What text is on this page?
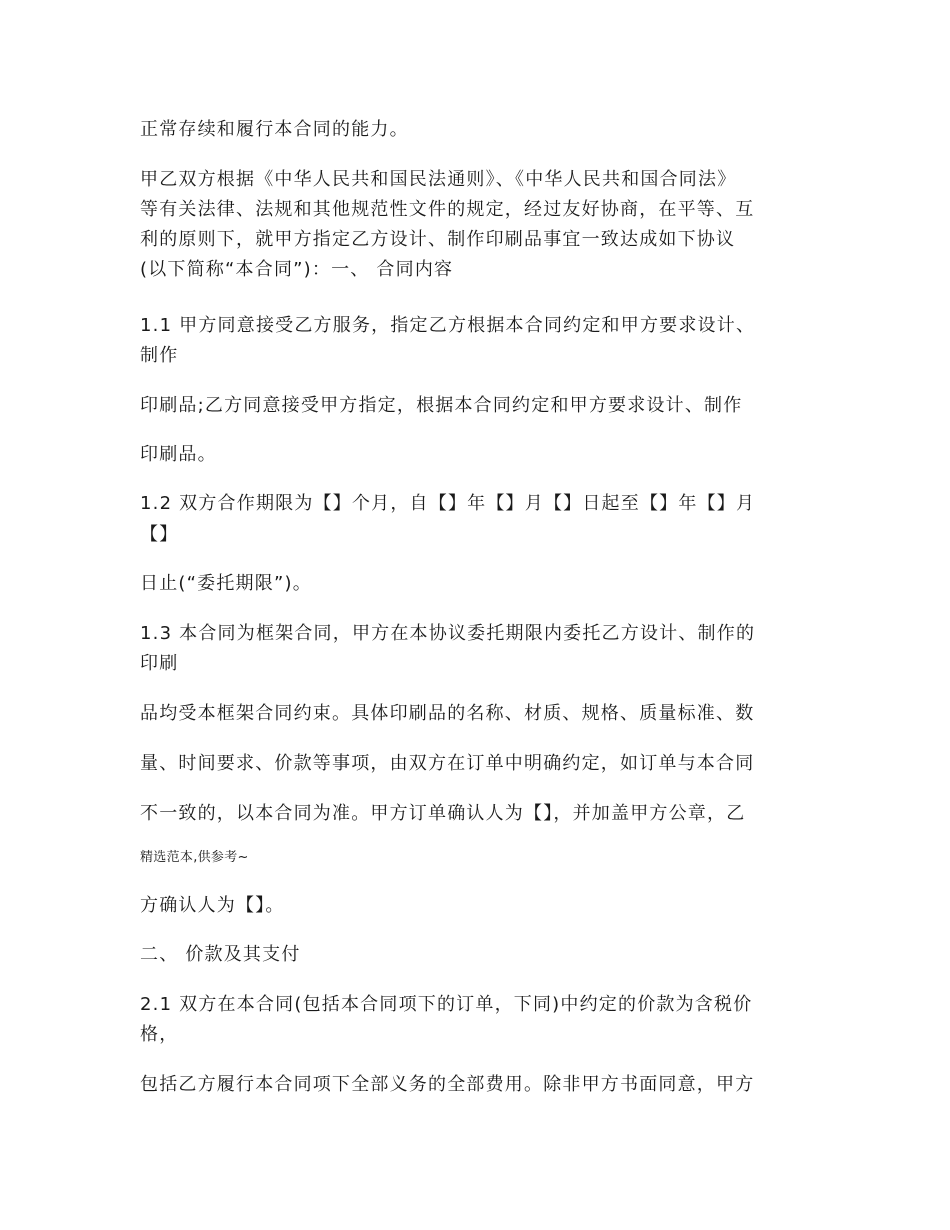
正常存续和履行本合同的能力。
甲乙双方根据《中华人民共和国民法通则》、《中华人民共和国合同法》
等有关法律、法规和其他规范性文件的规定，经过友好协商，在平等、互
利的原则下，就甲方指定乙方设计、制作印刷品事宜一致达成如下协议
(以下简称“本合同”)：一、 合同内容
1.1 甲方同意接受乙方服务，指定乙方根据本合同约定和甲方要求设计、
制作
印刷品;乙方同意接受甲方指定，根据本合同约定和甲方要求设计、制作
印刷品。
1.2 双方合作期限为【】个月，自【】年【】月【】日起至【】年【】月
【】
日止(“委托期限”)。
1.3 本合同为框架合同，甲方在本协议委托期限内委托乙方设计、制作的
印刷
品均受本框架合同约束。具体印刷品的名称、材质、规格、质量标准、数
量、时间要求、价款等事项，由双方在订单中明确约定，如订单与本合同
不一致的，以本合同为准。甲方订单确认人为【】，并加盖甲方公章，乙
精选范本,供参考~
方确认人为【】。
二、 价款及其支付
2.1 双方在本合同(包括本合同项下的订单，下同)中约定的价款为含税价
格，
包括乙方履行本合同项下全部义务的全部费用。除非甲方书面同意，甲方
